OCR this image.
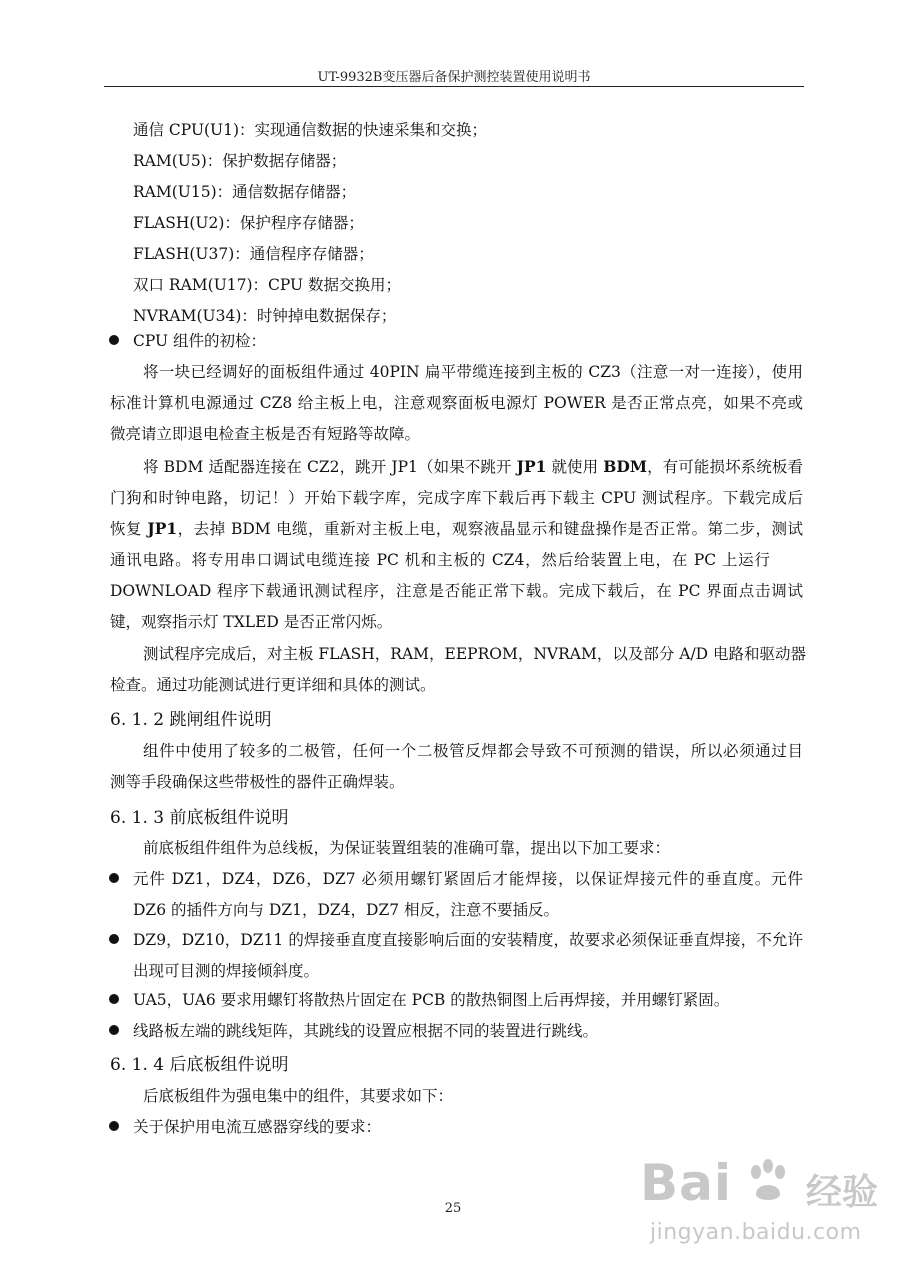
UT-9932B变压器后备保护测控装置使用说明书
通信 CPU(U1)：实现通信数据的快速采集和交换；
RAM(U5)：保护数据存储器；
RAM(U15)：通信数据存储器；
FLASH(U2)：保护程序存储器；
FLASH(U37)：通信程序存储器；
双口 RAM(U17)：CPU 数据交换用；
NVRAM(U34)：时钟掉电数据保存；
CPU 组件的初检：
将一块已经调好的面板组件通过 40PIN 扁平带缆连接到主板的 CZ3（注意一对一连接），使用
标准计算机电源通过 CZ8 给主板上电，注意观察面板电源灯 POWER 是否正常点亮，如果不亮或
微亮请立即退电检查主板是否有短路等故障。
将 BDM 适配器连接在 CZ2，跳开 JP1（如果不跳开 JP1 就使用 BDM，有可能损坏系统板看
门狗和时钟电路，切记！）开始下载字库，完成字库下载后再下载主 CPU 测试程序。下载完成后
恢复 JP1，去掉 BDM 电缆，重新对主板上电，观察液晶显示和键盘操作是否正常。第二步，测试
通讯电路。将专用串口调试电缆连接 PC 机和主板的 CZ4，然后给装置上电，在 PC 上运行
DOWNLOAD 程序下载通讯测试程序，注意是否能正常下载。完成下载后，在 PC 界面点击调试
键，观察指示灯 TXLED 是否正常闪烁。
测试程序完成后，对主板 FLASH，RAM，EEPROM，NVRAM，以及部分 A/D 电路和驱动器
检查。通过功能测试进行更详细和具体的测试。
6. 1. 2 跳闸组件说明
组件中使用了较多的二极管，任何一个二极管反焊都会导致不可预测的错误，所以必须通过目
测等手段确保这些带极性的器件正确焊装。
6. 1. 3 前底板组件说明
前底板组件组件为总线板，为保证装置组装的准确可靠，提出以下加工要求：
元件 DZ1，DZ4，DZ6，DZ7 必须用螺钉紧固后才能焊接，以保证焊接元件的垂直度。元件
DZ6 的插件方向与 DZ1，DZ4，DZ7 相反，注意不要插反。
DZ9，DZ10，DZ11 的焊接垂直度直接影响后面的安装精度，故要求必须保证垂直焊接，不允许
出现可目测的焊接倾斜度。
UA5，UA6 要求用螺钉将散热片固定在 PCB 的散热铜图上后再焊接，并用螺钉紧固。
线路板左端的跳线矩阵，其跳线的设置应根据不同的装置进行跳线。
6. 1. 4 后底板组件说明
后底板组件为强电集中的组件，其要求如下：
关于保护用电流互感器穿线的要求：
25	Bai 经验
jingyan.baidu.com
